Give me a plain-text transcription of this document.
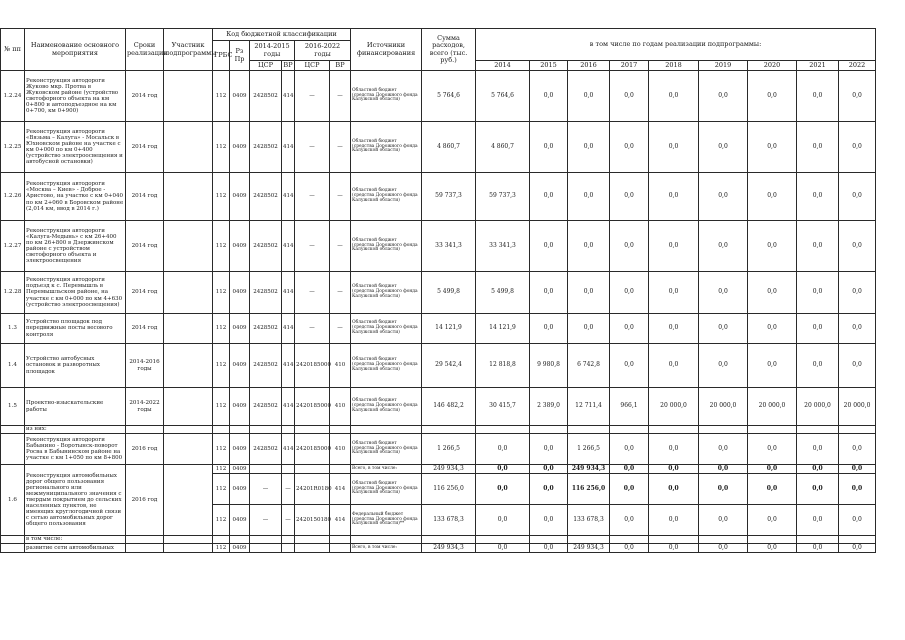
№ пп	Наименование основного мероприятия	Сроки реализации	Участник подпрограммы	Код бюджетной классификации						Источники финансирования	Сумма расходов, всего (тыс. руб.)	в том числе по годам реализации подпрограммы:								
				ГРБС	Рз Пр	2014-2015 годы		2016-2022 годы												

						ЦСР	ВР	ЦСР	ВР			2014	2015	2016	2017	2018	2019	2020	2021	2022
1.2.24	Реконструкция автодороги Жуково мкр. Протва в Жуковском районе (устройство светофорного объекта на км 0+800 и автоподъездное на км 0+700, км 0+900)	2014 год		112	0409	2428502	414	—	—	Областной бюджет (средства Дорожного фонда Калужской области)	5 764,6	5 764,6	0,0	0,0	0,0	0,0	0,0	0,0	0,0	0,0
1.2.25	Реконструкция автодороги «Вязьма – Калуга» - Мосальск в Юхновском районе на участке с км 0+000 по км 0+400 (устройство электроосвещения и автобусной остановки)	2014 год		112	0409	2428502	414	—	—	Областной бюджет (средства Дорожного фонда Калужской области)	4 860,7	4 860,7	0,0	0,0	0,0	0,0	0,0	0,0	0,0	0,0
1.2.26	Реконструкция автодороги «Москва – Киев» - Доброе - Аристово, на участке с км 0+040 по км 2+060 в Боровском районе (2,014 км, ввод в 2014 г.)	2014 год		112	0409	2428502	414	—	—	Областной бюджет (средства Дорожного фонда Калужской области)	59 737,3	59 737,3	0,0	0,0	0,0	0,0	0,0	0,0	0,0	0,0
1.2.27	Реконструкция автодороги «Калуга-Медынь» с км 26+400 по км 26+800 в Дзержинском районе с устройством светофорного объекта и электроосвещения	2014 год		112	0409	2428502	414	—	—	Областной бюджет (средства Дорожного фонда Калужской области)	33 341,3	33 341,3	0,0	0,0	0,0	0,0	0,0	0,0	0,0	0,0
1.2.28	Реконструкция автодороги подъезд к с. Перемышль в Перемышльском районе, на участке с км 0+000 по км 4+630 (устройство электроосвещения)	2014 год		112	0409	2428502	414	—	—	Областной бюджет (средства Дорожного фонда Калужской области)	5 499,8	5 499,8	0,0	0,0	0,0	0,0	0,0	0,0	0,0	0,0
1.3	Устройство площадок под передвижные посты весового контроля	2014 год		112	0409	2428502	414	—	—	Областной бюджет (средства Дорожного фонда Калужской области)	14 121,9	14 121,9	0,0	0,0	0,0	0,0	0,0	0,0	0,0	0,0
1.4	Устройство автобусных остановок и разворотных площадок	2014-2016 годы		112	0409	2428502	414	2420185000	410	Областной бюджет (средства Дорожного фонда Калужской области)	29 542,4	12 818,8	9 980,8	6 742,8	0,0	0,0	0,0	0,0	0,0	0,0
1.5	Проектно-изыскательские работы	2014-2022 годы		112	0409	2428502	414	2420185000	410	Областной бюджет (средства Дорожного фонда Калужской области)	146 482,2	30 415,7	2 389,0	12 711,4	966,1	20 000,0	20 000,0	20 000,0	20 000,0	20 000,0
	из них:																			
	Реконструкция автодороги Бабынино - Воротынск-поворот Росва в Бабынинском районе на участке с км 1+050 по км 8+800	2016 год		112	0409	2428502	414	2420185000	410	Областной бюджет (средства Дорожного фонда Калужской области)	1 266,5	0,0	0,0	1 266,5	0,0	0,0	0,0	0,0	0,0	0,0
1.6	Реконструкция автомобильных дорог общего пользования регионального или межмуниципального значения с твердым покрытием до сельских населенных пунктов, не имеющих круглогодичной связи с сетью автомобильных дорог общего пользования	2016 год		112	0409					Всего, в том числе:	249 934,3	0,0	0,0	249 934,3	0,0	0,0	0,0	0,0	0,0	0,0
				112	0409	—	—	24201R0180	414	Областной бюджет (средства Дорожного фонда Калужской области)	116 256,0	0,0	0,0	116 256,0	0,0	0,0	0,0	0,0	0,0	0,0
				112	0409	—	—	2420150180	414	Федеральный бюджет (средства Дорожного фонда Калужской области)**	133 678,3	0,0	0,0	133 678,3	0,0	0,0	0,0	0,0	0,0	0,0
	в том числе:																			
	развитие сети автомобильных			112	0409					Всего, в том числе:	249 934,3	0,0	0,0	249 934,3	0,0	0,0	0,0	0,0	0,0	0,0
